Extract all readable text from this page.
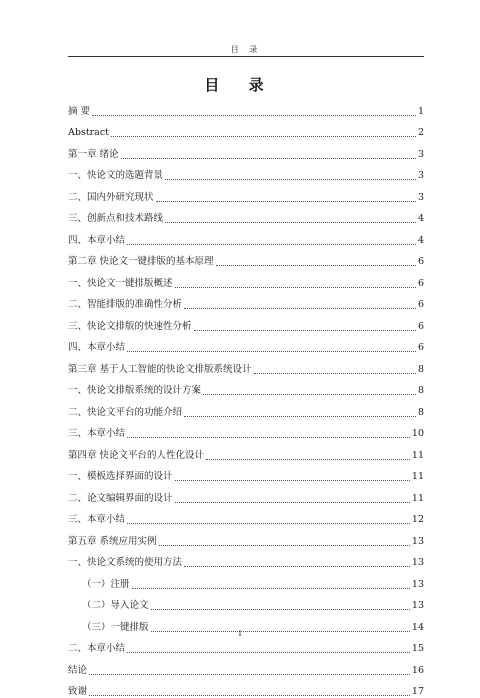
目 录
目 录
摘 要	1
Abstract	2
第一章 绪论	3
一、快论文的选题背景	3
二、国内外研究现状	3
三、创新点和技术路线	4
四、本章小结	4
第二章 快论文一键排版的基本原理	6
一、快论文一键排版概述	6
二、智能排版的准确性分析	6
三、快论文排版的快速性分析	6
四、本章小结	6
第三章 基于人工智能的快论文排版系统设计	8
一、快论文排版系统的设计方案	8
二、快论文平台的功能介绍	8
三、本章小结	10
第四章 快论文平台的人性化设计	11
一、模板选择界面的设计	11
二、论文编辑界面的设计	11
三、本章小结	12
第五章 系统应用实例	13
一、快论文系统的使用方法	13
（一）注册	13
（二）导入论文	13
（三）一键排版	14
二、本章小结	15
结论	16
致谢	17
I
